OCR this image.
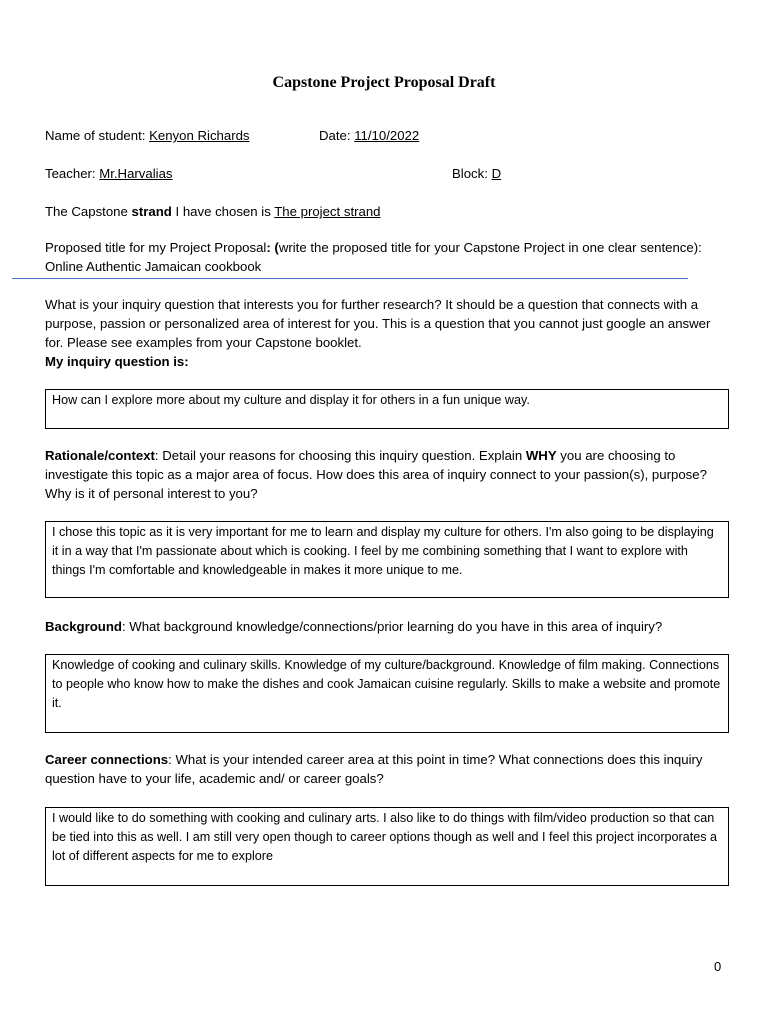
Capstone Project Proposal Draft
Name of student: Kenyon Richards	Date: 11/10/2022
Teacher: Mr.Harvalias	Block: D
The Capstone strand I have chosen is The project strand
Proposed title for my Project Proposal: (write the proposed title for your Capstone Project in one clear sentence): Online Authentic Jamaican cookbook
What is your inquiry question that interests you for further research? It should be a question that connects with a purpose, passion or personalized area of interest for you. This is a question that you cannot just google an answer for. Please see examples from your Capstone booklet.
My inquiry question is:
How can I explore more about my culture and display it for others in a fun unique way.
Rationale/context: Detail your reasons for choosing this inquiry question. Explain WHY you are choosing to investigate this topic as a major area of focus. How does this area of inquiry connect to your passion(s), purpose? Why is it of personal interest to you?
I chose this topic as it is very important for me to learn and display my culture for others. I'm also going to be displaying it in a way that I'm passionate about which is cooking. I feel by me combining something that I want to explore with things I'm comfortable and knowledgeable in makes it more unique to me.
Background: What background knowledge/connections/prior learning do you have in this area of inquiry?
Knowledge of cooking and culinary skills. Knowledge of my culture/background. Knowledge of film making. Connections to people who know how to make the dishes and cook Jamaican cuisine regularly. Skills to make a website and promote it.
Career connections: What is your intended career area at this point in time? What connections does this inquiry question have to your life, academic and/ or career goals?
I would like to do something with cooking and culinary arts. I also like to do things with film/video production so that can be tied into this as well. I am still very open though to career options though as well and I feel this project incorporates a lot of different aspects for me to explore
0
